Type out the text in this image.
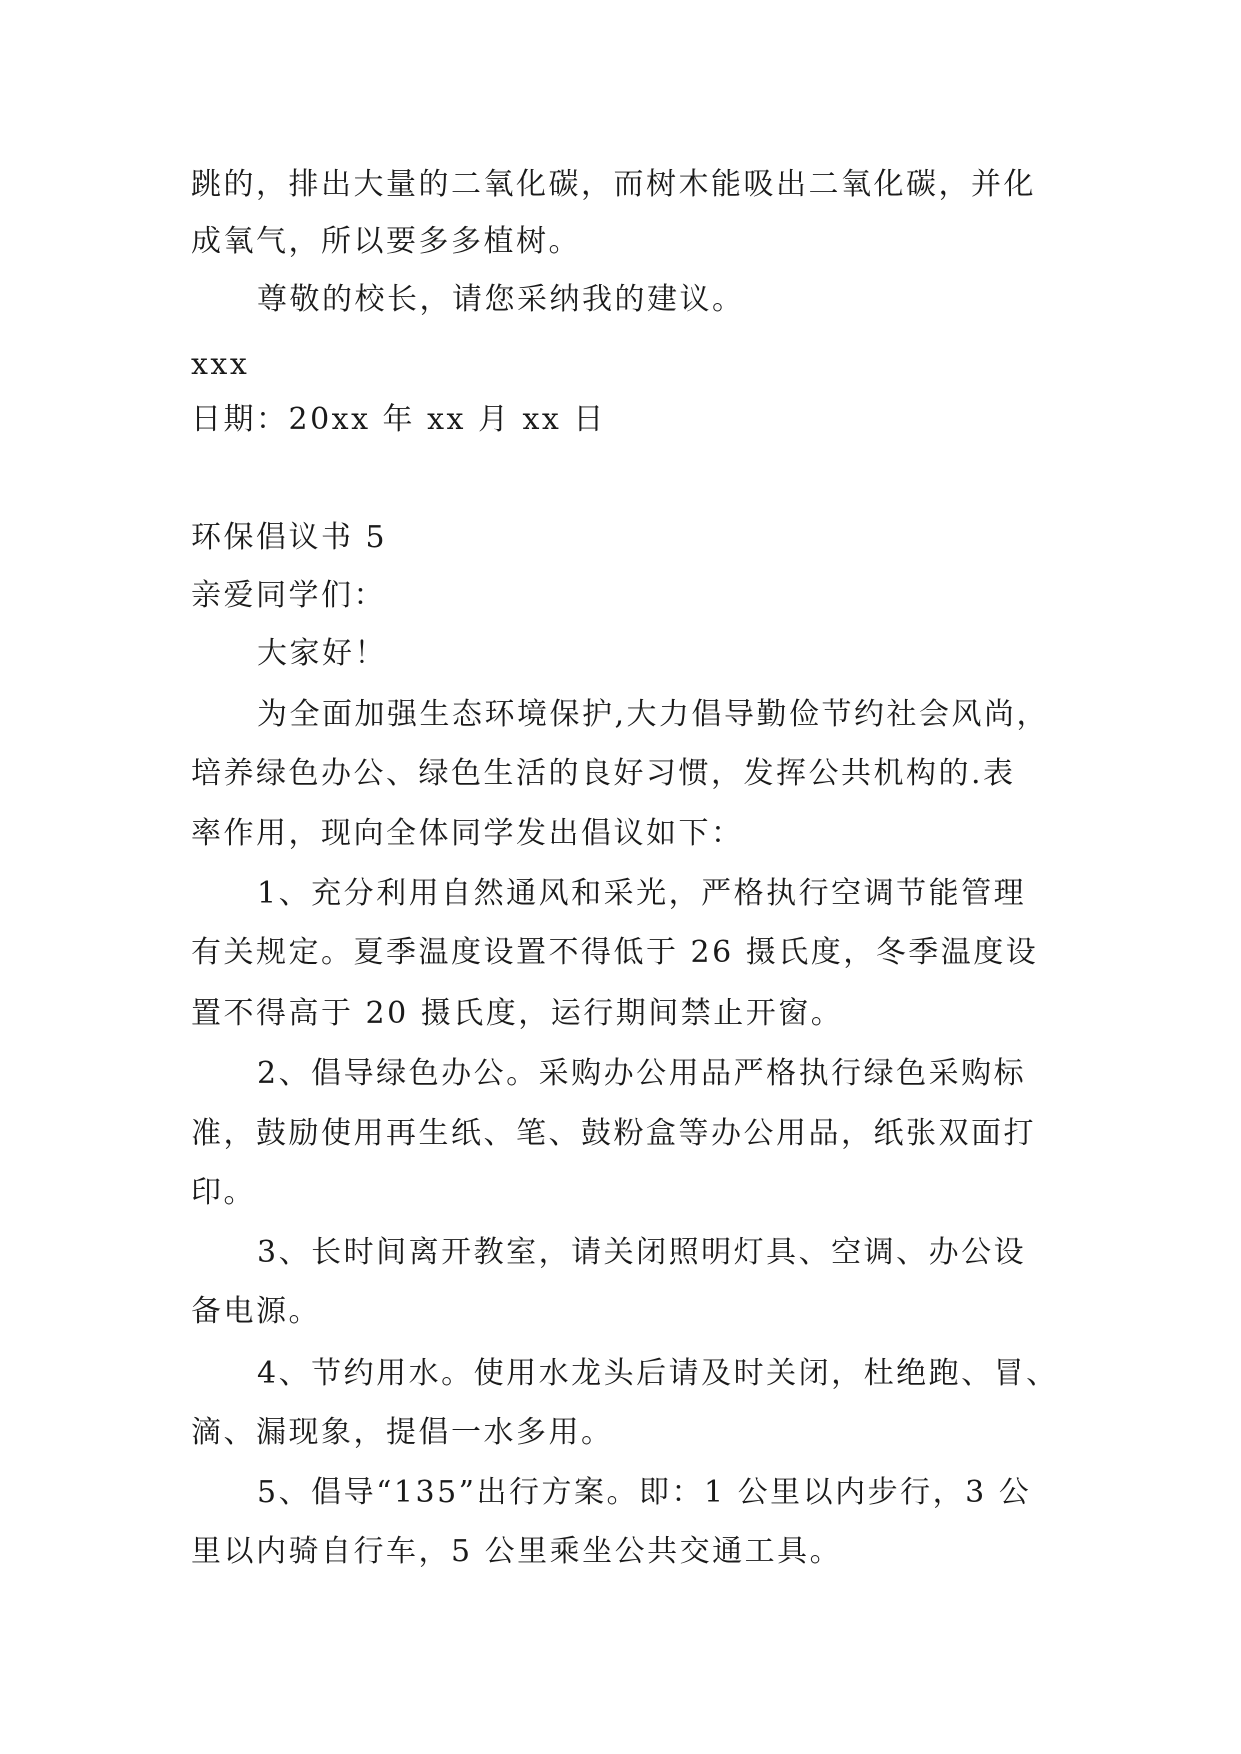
跳的，排出大量的二氧化碳，而树木能吸出二氧化碳，并化
成氧气，所以要多多植树。
尊敬的校长，请您采纳我的建议。
xxx
日期：20xx 年 xx 月 xx 日
环保倡议书 5
亲爱同学们：
大家好！
为全面加强生态环境保护,大力倡导勤俭节约社会风尚，
培养绿色办公、绿色生活的良好习惯，发挥公共机构的.表
率作用，现向全体同学发出倡议如下：
1、充分利用自然通风和采光，严格执行空调节能管理
有关规定。夏季温度设置不得低于 26 摄氏度，冬季温度设
置不得高于 20 摄氏度，运行期间禁止开窗。
2、倡导绿色办公。采购办公用品严格执行绿色采购标
准，鼓励使用再生纸、笔、鼓粉盒等办公用品，纸张双面打
印。
3、长时间离开教室，请关闭照明灯具、空调、办公设
备电源。
4、节约用水。使用水龙头后请及时关闭，杜绝跑、冒、
滴、漏现象，提倡一水多用。
5、倡导“135”出行方案。即：1 公里以内步行，3 公
里以内骑自行车，5 公里乘坐公共交通工具。
